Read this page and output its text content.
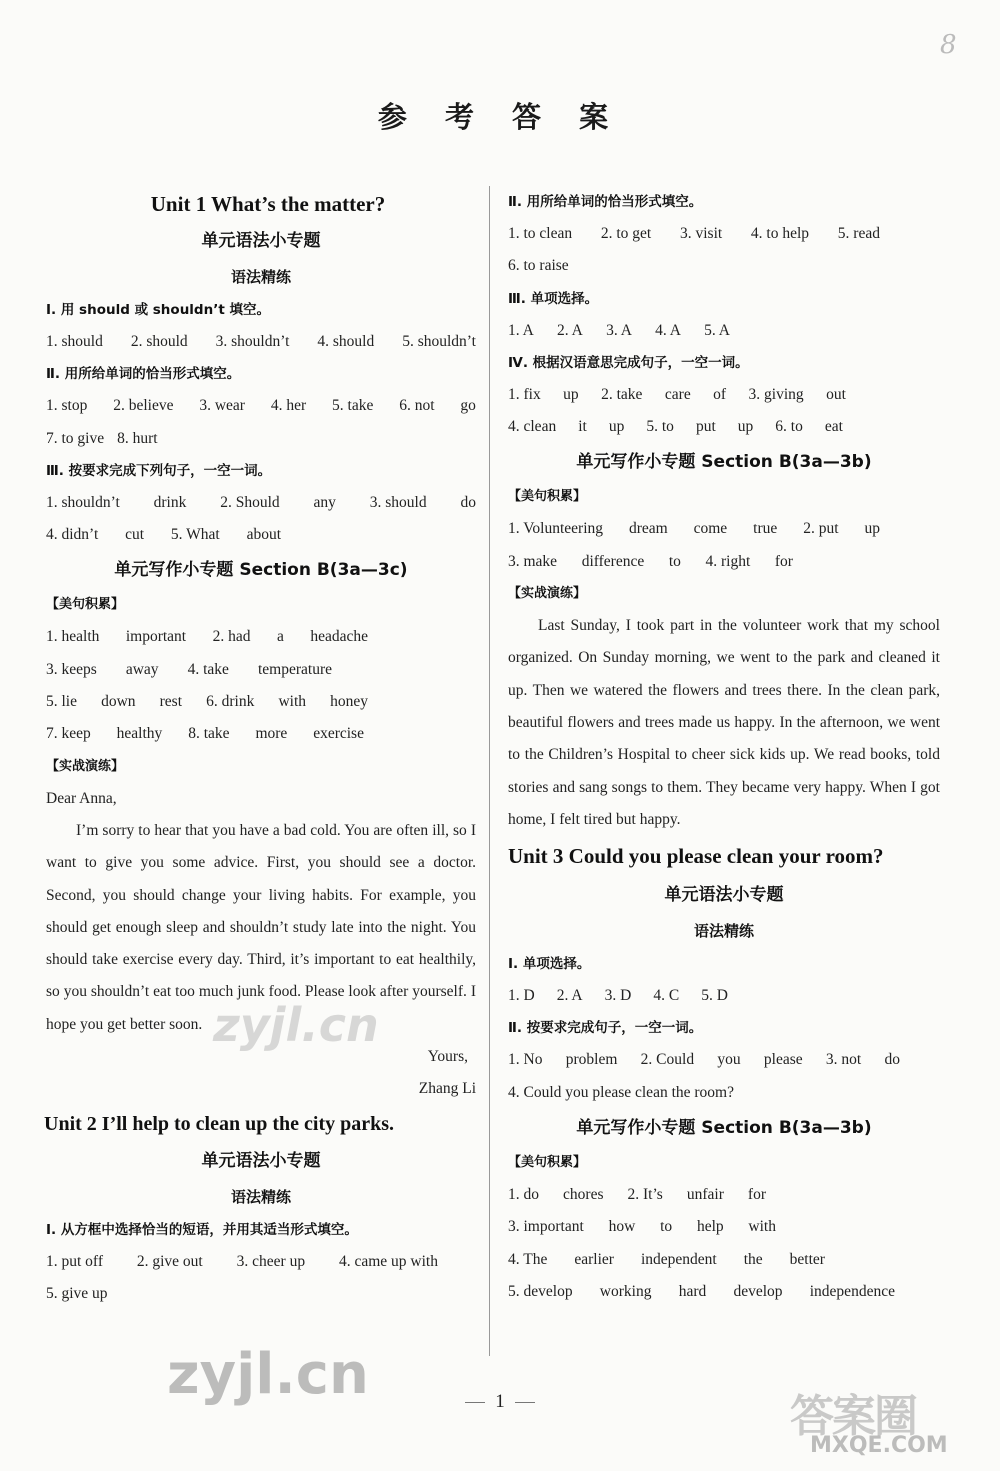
8
参 考 答 案
Unit 1 What’s the matter?
单元语法小专题
语法精练
Ⅰ. 用 should 或 shouldn’t 填空。
1. should 2. should 3. shouldn’t 4. should 5. shouldn’t
Ⅱ. 用所给单词的恰当形式填空。
1. stop 2. believe 3. wear 4. her 5. take 6. not go
7. to give 8. hurt
Ⅲ. 按要求完成下列句子，一空一词。
1. shouldn’t drink 2. Should any 3. should do
4. didn’t cut 5. What about
单元写作小专题 Section B(3a—3c)
【美句积累】
1. health important 2. had a headache
3. keeps away 4. take temperature
5. lie down rest 6. drink with honey
7. keep healthy 8. take more exercise
【实战演练】
Dear Anna,
I’m sorry to hear that you have a bad cold. You are often ill, so I want to give you some advice. First, you should see a doctor. Second, you should change your living habits. For example, you should get enough sleep and shouldn’t study late into the night. You should take exercise every day. Third, it’s important to eat healthily, so you shouldn’t eat too much junk food. Please look after yourself. I hope you get better soon.
Yours,
Zhang Li
Unit 2 I’ll help to clean up the city parks.
单元语法小专题
语法精练
Ⅰ. 从方框中选择恰当的短语，并用其适当形式填空。
1. put off 2. give out 3. cheer up 4. came up with
5. give up
Ⅱ. 用所给单词的恰当形式填空。
1. to clean 2. to get 3. visit 4. to help 5. read
6. to raise
Ⅲ. 单项选择。
1. A 2. A 3. A 4. A 5. A
Ⅳ. 根据汉语意思完成句子，一空一词。
1. fix up 2. take care of 3. giving out
4. clean it up 5. to put up 6. to eat
单元写作小专题 Section B(3a—3b)
【美句积累】
1. Volunteering dream come true 2. put up
3. make difference to 4. right for
【实战演练】
Last Sunday, I took part in the volunteer work that my school organized. On Sunday morning, we went to the park and cleaned it up. Then we watered the flowers and trees there. In the clean park, beautiful flowers and trees made us happy. In the afternoon, we went to the Children’s Hospital to cheer sick kids up. We read books, told stories and sang songs to them. They became very happy. When I got home, I felt tired but happy.
Unit 3 Could you please clean your room?
单元语法小专题
语法精练
Ⅰ. 单项选择。
1. D 2. A 3. D 4. C 5. D
Ⅱ. 按要求完成句子，一空一词。
1. No problem 2. Could you please 3. not do
4. Could you please clean the room?
单元写作小专题 Section B(3a—3b)
【美句积累】
1. do chores 2. It’s unfair for
3. important how to help with
4. The earlier independent the better
5. develop working hard develop independence
1
zyjl.cn
zyjl.cn
答案圈
MXQE.COM
